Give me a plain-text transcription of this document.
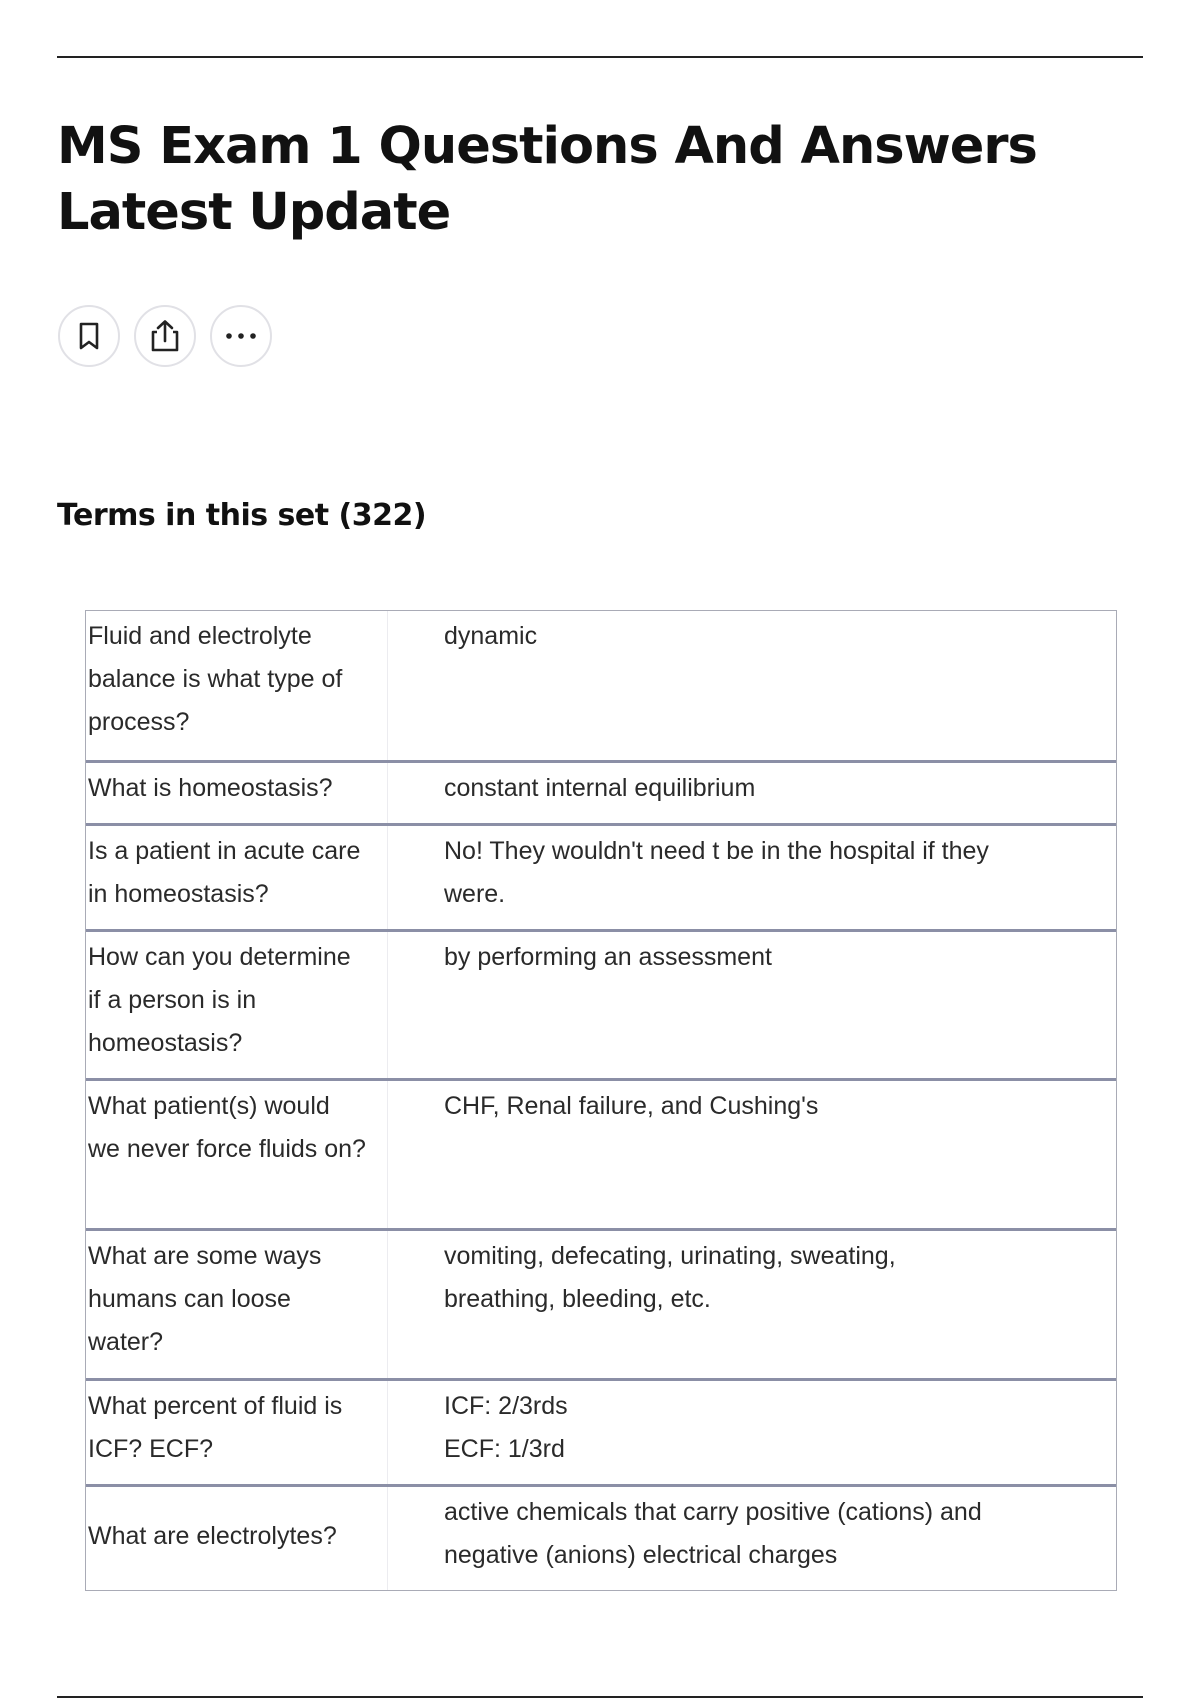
MS Exam 1 Questions And Answers Latest Update
Terms in this set (322)
Fluid and electrolyte balance is what type of process?
dynamic
What is homeostasis?	constant internal equilibrium
Is a patient in acute care in homeostasis?
No! They wouldn't need t be in the hospital if they were.
How can you determine if a person is in homeostasis?
by performing an assessment
What patient(s) would we never force fluids on?
CHF, Renal failure, and Cushing's
What are some ways humans can loose water?
vomiting, defecating, urinating, sweating, breathing, bleeding, etc.
What percent of fluid is ICF? ECF?
ICF: 2/3rds
ECF: 1/3rd
What are electrolytes?
active chemicals that carry positive (cations) and negative (anions) electrical charges
